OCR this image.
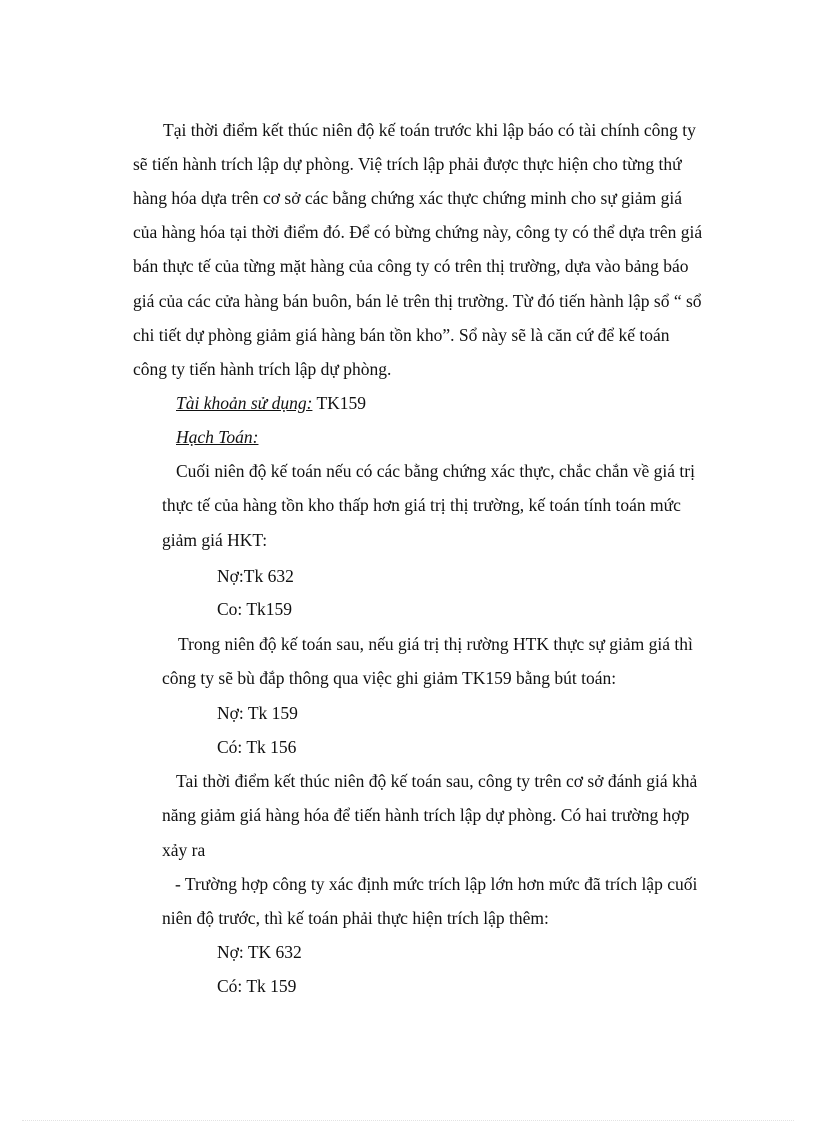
Tại thời điểm kết thúc niên độ kế toán trước khi lập báo có tài chính công ty
sẽ tiến hành trích lập dự phòng. Việ trích lập phải được thực hiện cho từng thứ
hàng hóa dựa trên cơ sở các bằng chứng xác thực chứng minh cho sự giảm giá
của hàng hóa tại thời điểm đó. Để có bừng chứng này, công ty có thể dựa trên giá
bán thực tế của từng mặt hàng của công ty có trên thị trường, dựa vào bảng báo
giá của các cửa hàng bán buôn, bán lẻ trên thị trường. Từ đó tiến hành lập sổ “ sổ
chi tiết dự phòng giảm giá hàng bán tồn kho”. Sổ này sẽ là căn cứ để kế toán
công ty tiến hành trích lập dự phòng.
Tài khoản sử dụng: TK159
Hạch Toán:
Cuối niên độ kế toán nếu có các bằng chứng xác thực, chắc chắn về giá trị
thực tế của hàng tồn kho thấp hơn giá trị thị trường, kế toán tính toán mức
giảm giá HKT:
Nợ:Tk 632
Co: Tk159
Trong niên độ kế toán sau, nếu giá trị thị rường HTK thực sự giảm giá thì
công ty sẽ bù đắp thông qua việc ghi giảm TK159 bằng bút toán:
Nợ: Tk 159
Có: Tk 156
Tai thời điểm kết thúc niên độ kế toán sau, công ty trên cơ sở đánh giá khả
năng giảm giá hàng hóa để tiến hành trích lập dự phòng. Có hai trường hợp
xảy ra
- Trường hợp công ty xác định mức trích lập lớn hơn mức đã trích lập cuối
niên độ trước, thì kế toán phải thực hiện trích lập thêm:
Nợ: TK 632
Có: Tk 159
